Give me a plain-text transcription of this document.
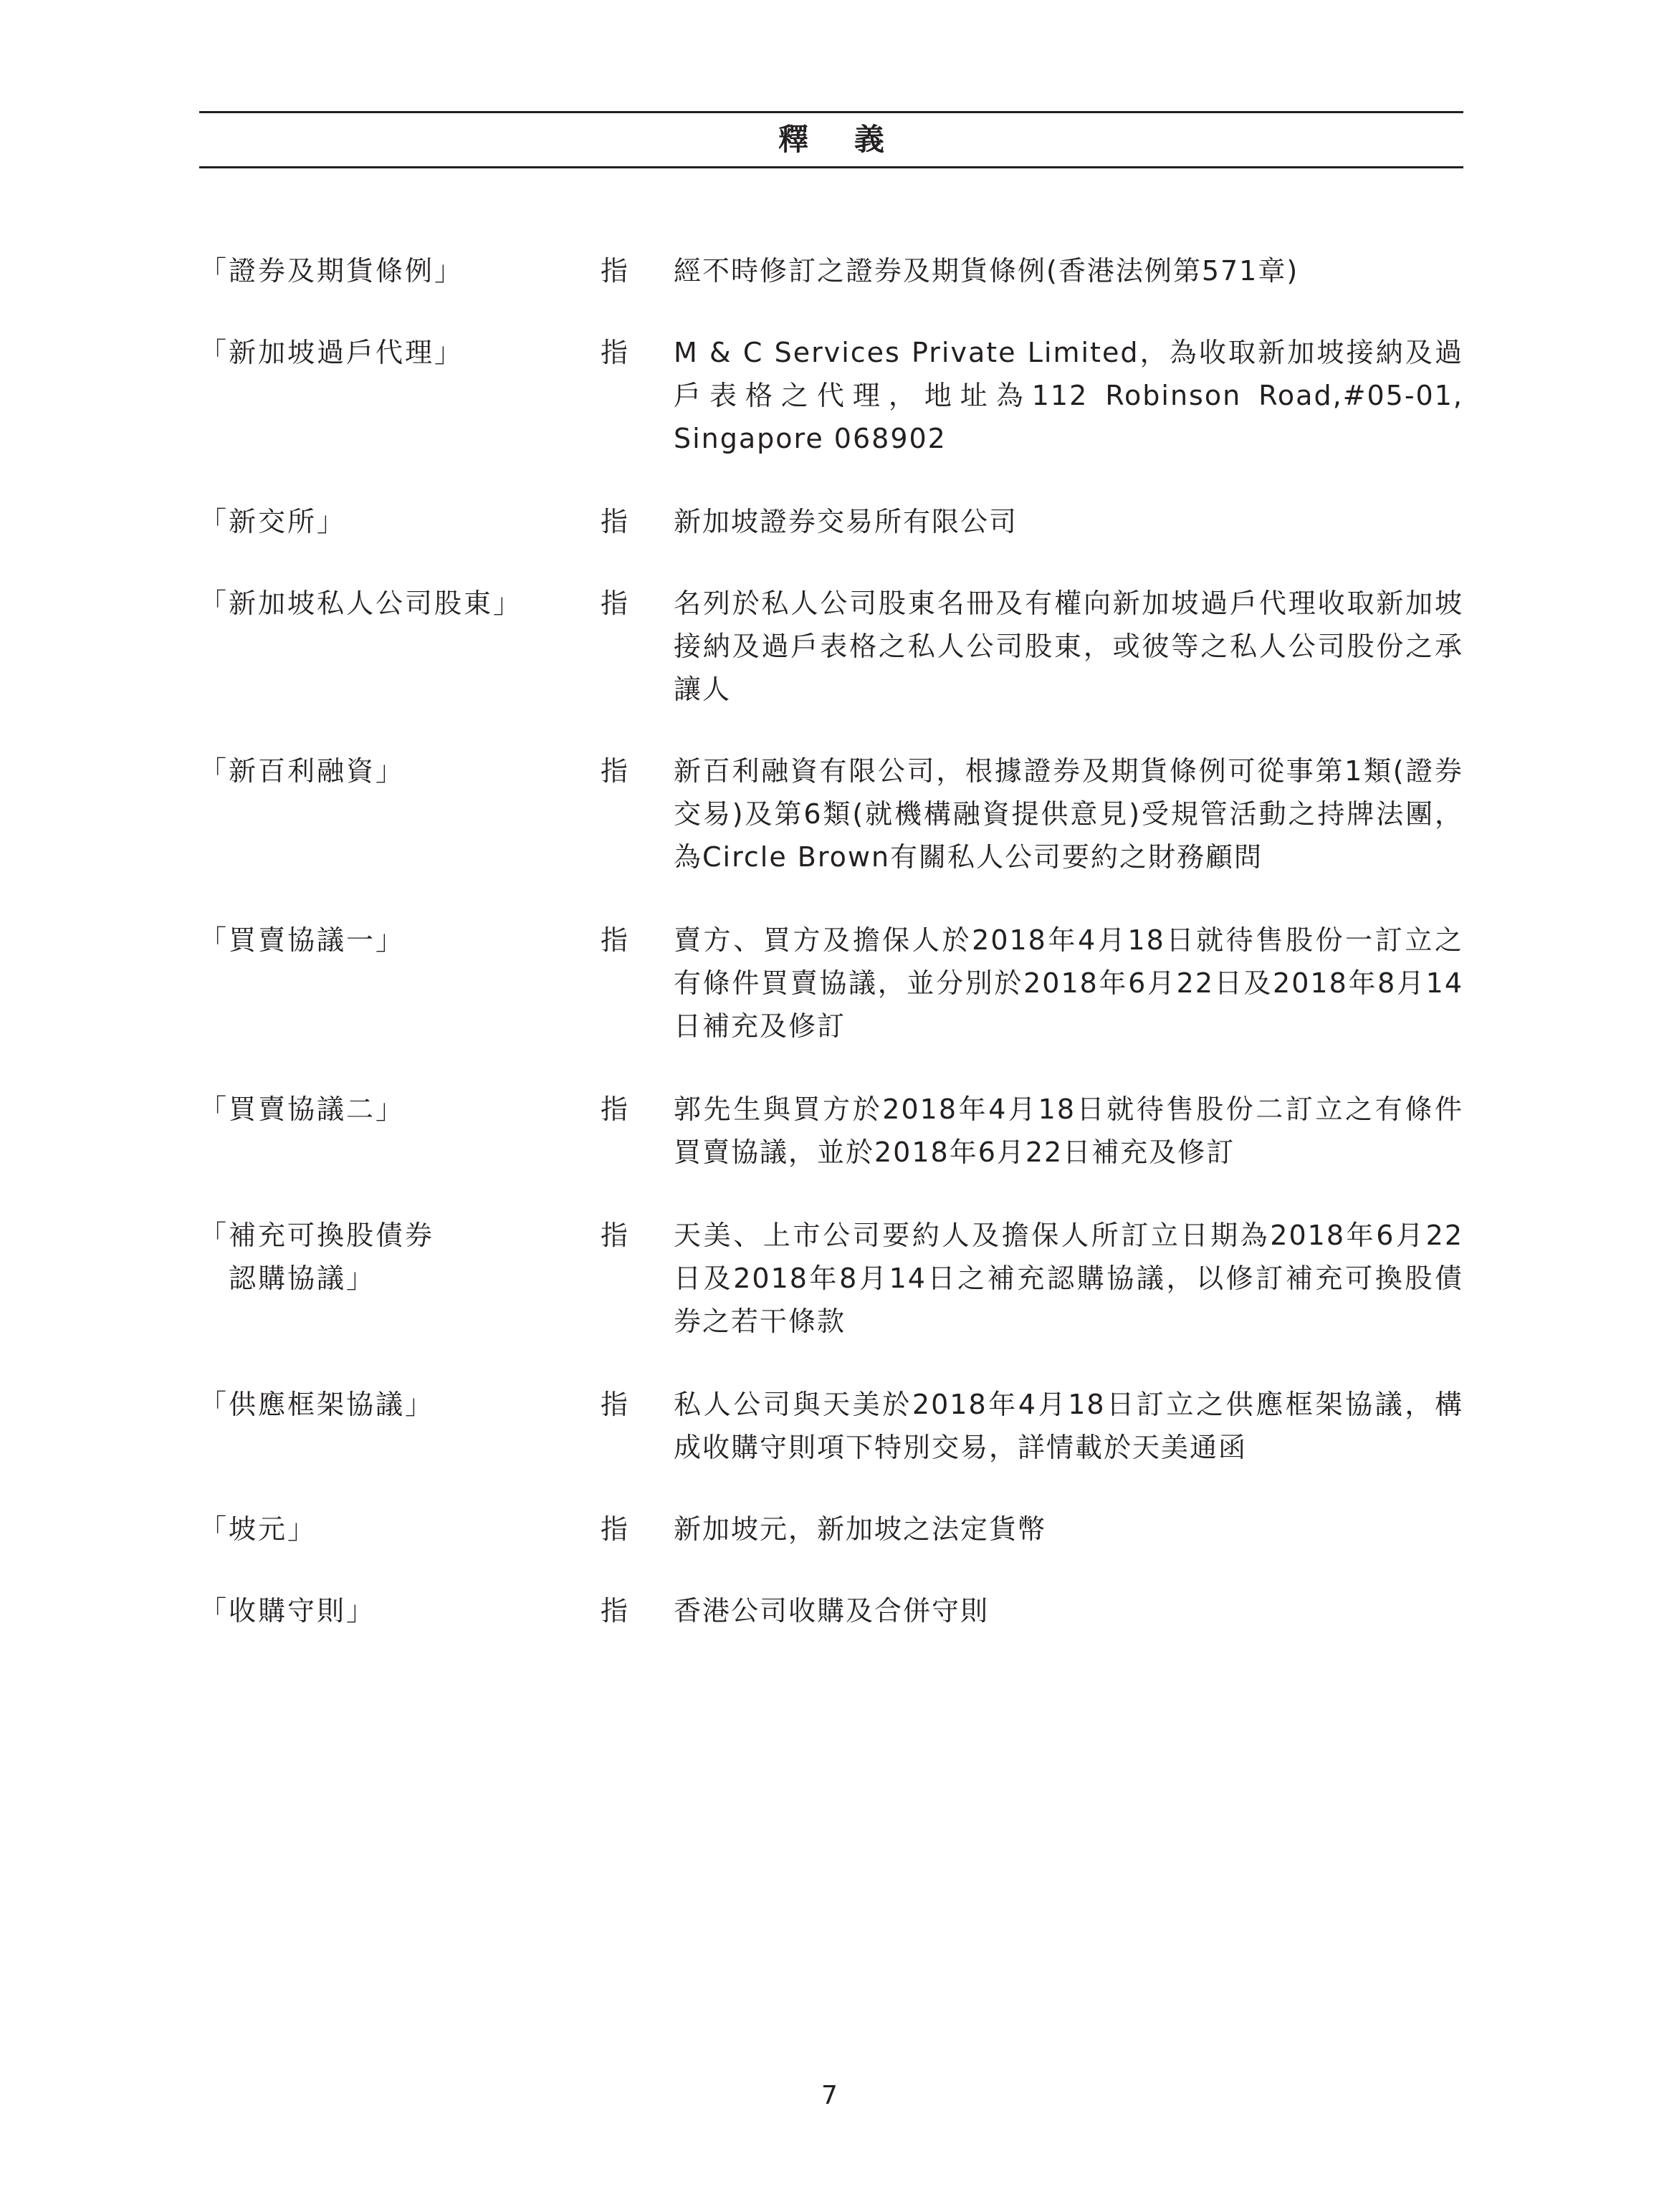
釋義
「證券及期貨條例」	指 經不時修訂之證券及期貨條例(香港法例第571章)
「新加坡過戶代理」	指 M & C Services Private Limited，為收取新加坡接納及過戶表格之代理，地址為112 Robinson Road,#05-01, Singapore 068902
「新交所」	指 新加坡證券交易所有限公司
「新加坡私人公司股東」	指 名列於私人公司股東名冊及有權向新加坡過戶代理收取新加坡接納及過戶表格之私人公司股東，或彼等之私人公司股份之承讓人
「新百利融資」	指 新百利融資有限公司，根據證券及期貨條例可從事第1類(證券交易)及第6類(就機構融資提供意見)受規管活動之持牌法團，為Circle Brown有關私人公司要約之財務顧問
「買賣協議一」	指 賣方、買方及擔保人於2018年4月18日就待售股份一訂立之有條件買賣協議，並分別於2018年6月22日及2018年8月14日補充及修訂
「買賣協議二」	指 郭先生與買方於2018年4月18日就待售股份二訂立之有條件買賣協議，並於2018年6月22日補充及修訂
「補充可換股債券
　認購協議」
指 天美、上市公司要約人及擔保人所訂立日期為2018年6月22日及2018年8月14日之補充認購協議，以修訂補充可換股債券之若干條款
「供應框架協議」	指 私人公司與天美於2018年4月18日訂立之供應框架協議，構成收購守則項下特別交易，詳情載於天美通函
「坡元」	指 新加坡元，新加坡之法定貨幣
「收購守則」	指 香港公司收購及合併守則
7
